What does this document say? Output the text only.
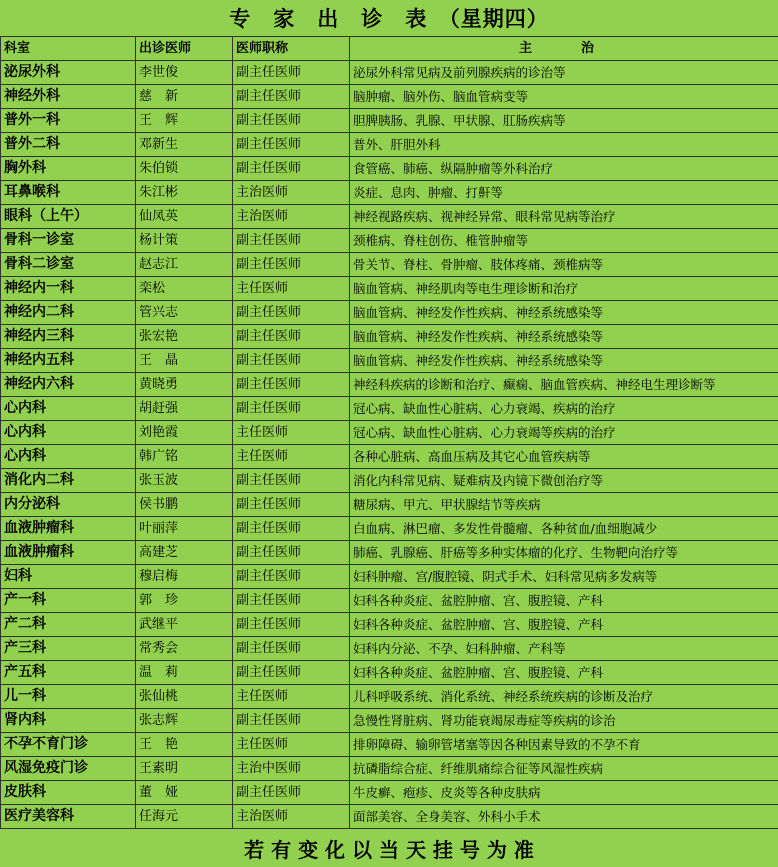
专　家　出　诊　表　（星期四）
科室	出诊医师	医师职称	主　治
泌尿外科	李世俊	副主任医师	泌尿外科常见病及前列腺疾病的诊治等
神经外科	慈　新	副主任医师	脑肿瘤、脑外伤、脑血管病变等
普外一科	王　辉	副主任医师	胆脾胰肠、乳腺、甲状腺、肛肠疾病等
普外二科	邓新生	副主任医师	普外、肝胆外科
胸外科	朱伯锁	副主任医师	食管癌、肺癌、纵隔肿瘤等外科治疗
耳鼻喉科	朱江彬	主治医师	炎症、息肉、肿瘤、打鼾等
眼科（上午）	仙凤英	主治医师	神经视路疾病、视神经异常、眼科常见病等治疗
骨科一诊室	杨计策	副主任医师	颈椎病、脊柱创伤、椎管肿瘤等
骨科二诊室	赵志江	副主任医师	骨关节、脊柱、骨肿瘤、肢体疼痛、颈椎病等
神经内一科	栾松	主任医师	脑血管病、神经肌肉等电生理诊断和治疗
神经内二科	管兴志	副主任医师	脑血管病、神经发作性疾病、神经系统感染等
神经内三科	张宏艳	副主任医师	脑血管病、神经发作性疾病、神经系统感染等
神经内五科	王　晶	副主任医师	脑血管病、神经发作性疾病、神经系统感染等
神经内六科	黄晓勇	副主任医师	神经科疾病的诊断和治疗、癫痫、脑血管疾病、神经电生理诊断等
心内科	胡赶强	副主任医师	冠心病、缺血性心脏病、心力衰竭、疾病的治疗
心内科	刘艳霞	主任医师	冠心病、缺血性心脏病、心力衰竭等疾病的治疗
心内科	韩广铭	主任医师	各种心脏病、高血压病及其它心血管疾病等
消化内二科	张玉波	副主任医师	消化内科常见病、疑难病及内镜下微创治疗等
内分泌科	侯书鹏	副主任医师	糖尿病、甲亢、甲状腺结节等疾病
血液肿瘤科	叶丽萍	副主任医师	白血病、淋巴瘤、多发性骨髓瘤、各种贫血/血细胞减少
血液肿瘤科	高建芝	副主任医师	肺癌、乳腺癌、肝癌等多种实体瘤的化疗、生物靶向治疗等
妇科	穆启梅	副主任医师	妇科肿瘤、宫/腹腔镜、阴式手术、妇科常见病多发病等
产一科	郭　珍	副主任医师	妇科各种炎症、盆腔肿瘤、宫、腹腔镜、产科
产二科	武继平	副主任医师	妇科各种炎症、盆腔肿瘤、宫、腹腔镜、产科
产三科	常秀会	副主任医师	妇科内分泌、不孕、妇科肿瘤、产科等
产五科	温　莉	副主任医师	妇科各种炎症、盆腔肿瘤、宫、腹腔镜、产科
儿一科	张仙桃	主任医师	儿科呼吸系统、消化系统、神经系统疾病的诊断及治疗
肾内科	张志辉	副主任医师	急慢性肾脏病、肾功能衰竭尿毒症等疾病的诊治
不孕不育门诊	王　艳	主任医师	排卵障碍、输卵管堵塞等因各种因素导致的不孕不育
风湿免疫门诊	王素明	主治中医师	抗磷脂综合症、纤维肌痛综合征等风湿性疾病
皮肤科	董　娅	副主任医师	牛皮癣、疱疹、皮炎等各种皮肤病
医疗美容科	任海元	主治医师	面部美容、全身美容、外科小手术
若 有 变 化 以 当 天 挂 号 为 准
